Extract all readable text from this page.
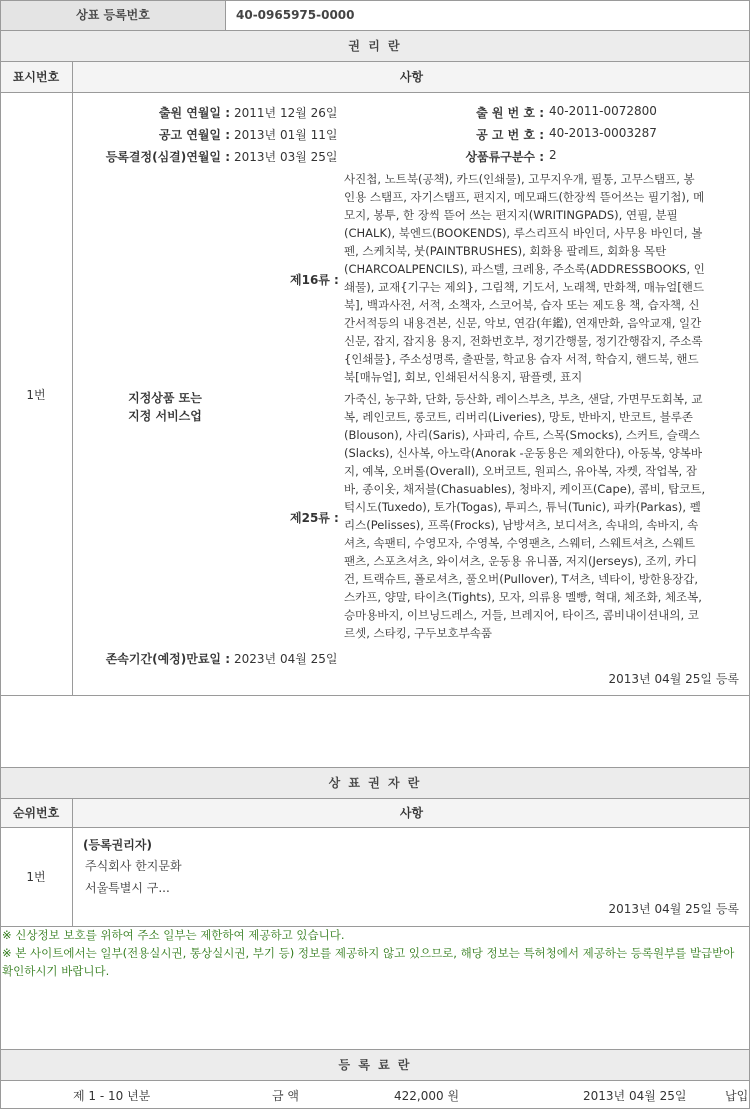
상표 등록번호	40-0965975-0000
권 리 란
표시번호	사항
1번
출원 연월일 : 2011년 12월 26일	출 원 번 호 : 40-2011-0072800
공고 연월일 : 2013년 01월 11일	공 고 번 호 : 40-2013-0003287
등록결정(심결)연월일 : 2013년 03월 25일	상품류구분수 : 2
지정상품 또는
지정 서비스업
제16류 :
사진첩, 노트북(공책), 카드(인쇄물), 고무지우개, 필통, 고무스탬프, 봉
인용 스탬프, 자기스탬프, 편지지, 메모패드(한장씩 뜯어쓰는 필기첩), 메
모지, 봉투, 한 장씩 뜯어 쓰는 편지지(WRITINGPADS), 연필, 분필
(CHALK), 북엔드(BOOKENDS), 루스리프식 바인더, 사무용 바인더, 볼
펜, 스케치북, 붓(PAINTBRUSHES), 회화용 팔레트, 회화용 목탄
(CHARCOALPENCILS), 파스텔, 크레용, 주소록(ADDRESSBOOKS, 인
쇄물), 교재{기구는 제외}, 그림책, 기도서, 노래책, 만화책, 매뉴얼[핸드
북], 백과사전, 서적, 소책자, 스코어북, 습자 또는 제도용 책, 습자책, 신
간서적등의 내용견본, 신문, 악보, 연감(年鑑), 연재만화, 음악교재, 일간
신문, 잡지, 잡지용 용지, 전화번호부, 정기간행물, 정기간행잡지, 주소록
{인쇄물}, 주소성명록, 출판물, 학교용 습자 서적, 학습지, 핸드북, 핸드
북[매뉴얼], 회보, 인쇄된서식용지, 팜플렛, 표지
제25류 :
가죽신, 농구화, 단화, 등산화, 레이스부츠, 부츠, 샌달, 가면무도회복, 교
복, 레인코트, 롱코트, 리버리(Liveries), 망토, 반바지, 반코트, 블루존
(Blouson), 사리(Saris), 사파리, 슈트, 스목(Smocks), 스커트, 슬랙스
(Slacks), 신사복, 아노락(Anorak -운동용은 제외한다), 아동복, 양복바
지, 예복, 오버롤(Overall), 오버코트, 원피스, 유아복, 자켓, 작업복, 잠
바, 종이옷, 채저블(Chasuables), 청바지, 케이프(Cape), 콤비, 탑코트,
턱시도(Tuxedo), 토가(Togas), 투피스, 튜닉(Tunic), 파카(Parkas), 펠
리스(Pelisses), 프록(Frocks), 남방셔츠, 보디셔츠, 속내의, 속바지, 속
셔츠, 속팬티, 수영모자, 수영복, 수영팬츠, 스웨터, 스웨트셔츠, 스웨트
팬츠, 스포츠셔츠, 와이셔츠, 운동용 유니폼, 저지(Jerseys), 조끼, 카디
건, 트랙슈트, 폴로셔츠, 풀오버(Pullover), T셔츠, 넥타이, 방한용장갑,
스카프, 양말, 타이츠(Tights), 모자, 의류용 멜빵, 혁대, 체조화, 체조복,
승마용바지, 이브닝드레스, 거들, 브레지어, 타이즈, 콤비내이션내의, 코
르셋, 스타킹, 구두보호부속품
존속기간(예정)만료일 : 2023년 04월 25일
2013년 04월 25일 등록
상 표 권 자 란
순위번호	사항
1번
(등록권리자)
주식회사 한지문화
서울특별시 구...
2013년 04월 25일 등록
※ 신상정보 보호를 위하여 주소 일부는 제한하여 제공하고 있습니다.
※ 본 사이트에서는 일부(전용실시권, 통상실시권, 부기 등) 정보를 제공하지 않고 있으므로, 해당 정보는 특허청에서 제공하는 등록원부를 발급받아 확인하시기 바랍니다.
등 록 료 란
제 1 - 10 년분	금 액	422,000 원	2013년 04월 25일	납입
